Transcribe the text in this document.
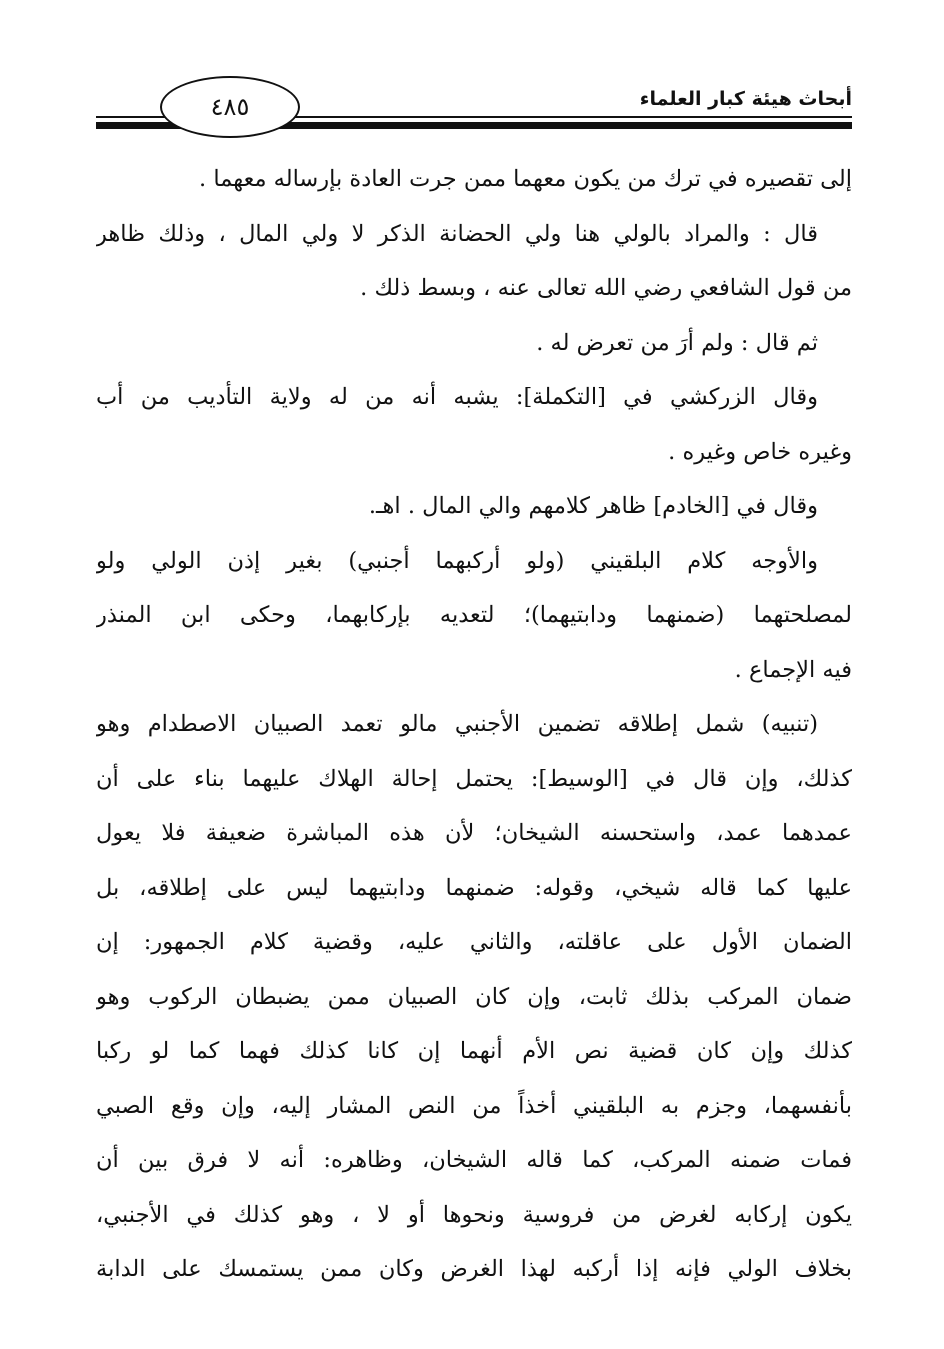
أبحاث هيئة كبار العلماء
٤٨٥
إلى تقصيره في ترك من يكون معهما ممن جرت العادة بإرساله معهما .
قال : والمراد بالولي هنا ولي الحضانة الذكر لا ولي المال ، وذلك ظاهر
من قول الشافعي رضي الله تعالى عنه ، وبسط ذلك .
ثم قال : ولم أرَ من تعرض له .
وقال الزركشي في [التكملة]: يشبه أنه من له ولاية التأديب من أب
وغيره خاص وغيره .
وقال في [الخادم] ظاهر كلامهم والي المال . اهـ.
والأوجه كلام البلقيني (ولو أركبهما أجنبي) بغير إذن الولي ولو
لمصلحتهما (ضمنهما ودابتيهما)؛ لتعديه بإركابهما، وحكى ابن المنذر
فيه الإجماع .
(تنبيه) شمل إطلاقه تضمين الأجنبي مالو تعمد الصبيان الاصطدام وهو
كذلك، وإن قال في [الوسيط]: يحتمل إحالة الهلاك عليهما بناء على أن
عمدهما عمد، واستحسنه الشيخان؛ لأن هذه المباشرة ضعيفة فلا يعول
عليها كما قاله شيخي، وقوله: ضمنهما ودابتيهما ليس على إطلاقه، بل
الضمان الأول على عاقلته، والثاني عليه، وقضية كلام الجمهور: إن
ضمان المركب بذلك ثابت، وإن كان الصبيان ممن يضبطان الركوب وهو
كذلك وإن كان قضية نص الأم أنهما إن كانا كذلك فهما كما لو ركبا
بأنفسهما، وجزم به البلقيني أخذاً من النص المشار إليه، وإن وقع الصبي
فمات ضمنه المركب، كما قاله الشيخان، وظاهره: أنه لا فرق بين أن
يكون إركابه لغرض من فروسية ونحوها أو لا ، وهو كذلك في الأجنبي،
بخلاف الولي فإنه إذا أركبه لهذا الغرض وكان ممن يستمسك على الدابة
